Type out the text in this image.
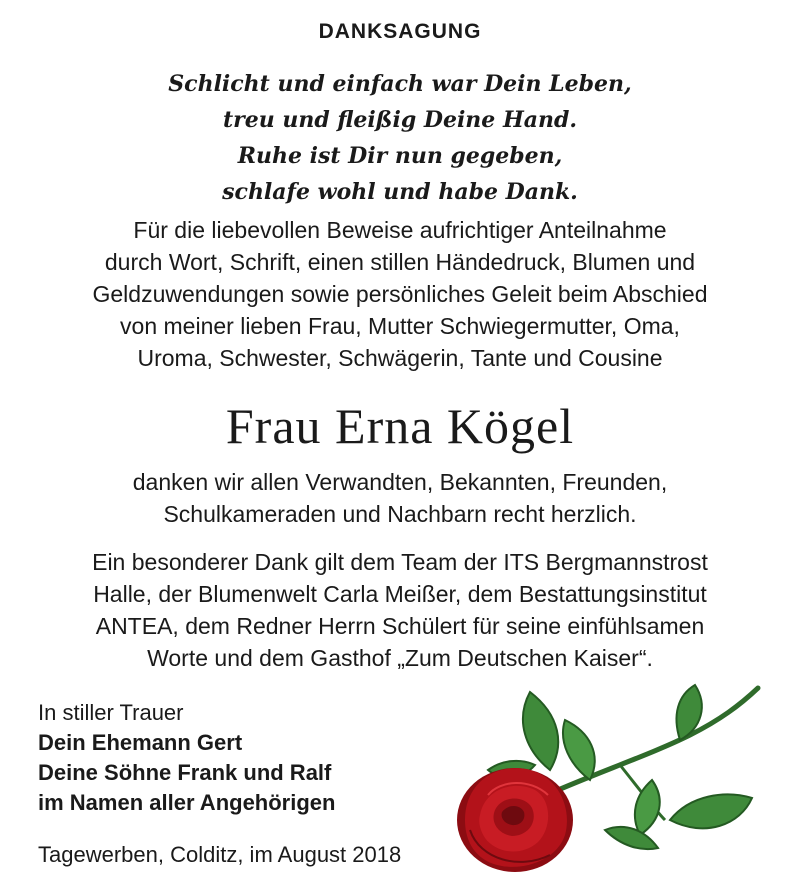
DANKSAGUNG
Schlicht und einfach war Dein Leben,
treu und fleißig Deine Hand.
Ruhe ist Dir nun gegeben,
schlafe wohl und habe Dank.
Für die liebevollen Beweise aufrichtiger Anteilnahme
durch Wort, Schrift, einen stillen Händedruck, Blumen und
Geldzuwendungen sowie persönliches Geleit beim Abschied
von meiner lieben Frau, Mutter Schwiegermutter, Oma,
Uroma, Schwester, Schwägerin, Tante und Cousine
Frau Erna Kögel
danken wir allen Verwandten, Bekannten, Freunden,
Schulkameraden und Nachbarn recht herzlich.
Ein besonderer Dank gilt dem Team der ITS Bergmannstrost
Halle, der Blumenwelt Carla Meißer, dem Bestattungsinstitut
ANTEA, dem Redner Herrn Schülert für seine einfühlsamen
Worte und dem Gasthof „Zum Deutschen Kaiser“.
In stiller Trauer
Dein Ehemann Gert
Deine Söhne Frank und Ralf
im Namen aller Angehörigen
Tagewerben, Colditz, im August 2018
